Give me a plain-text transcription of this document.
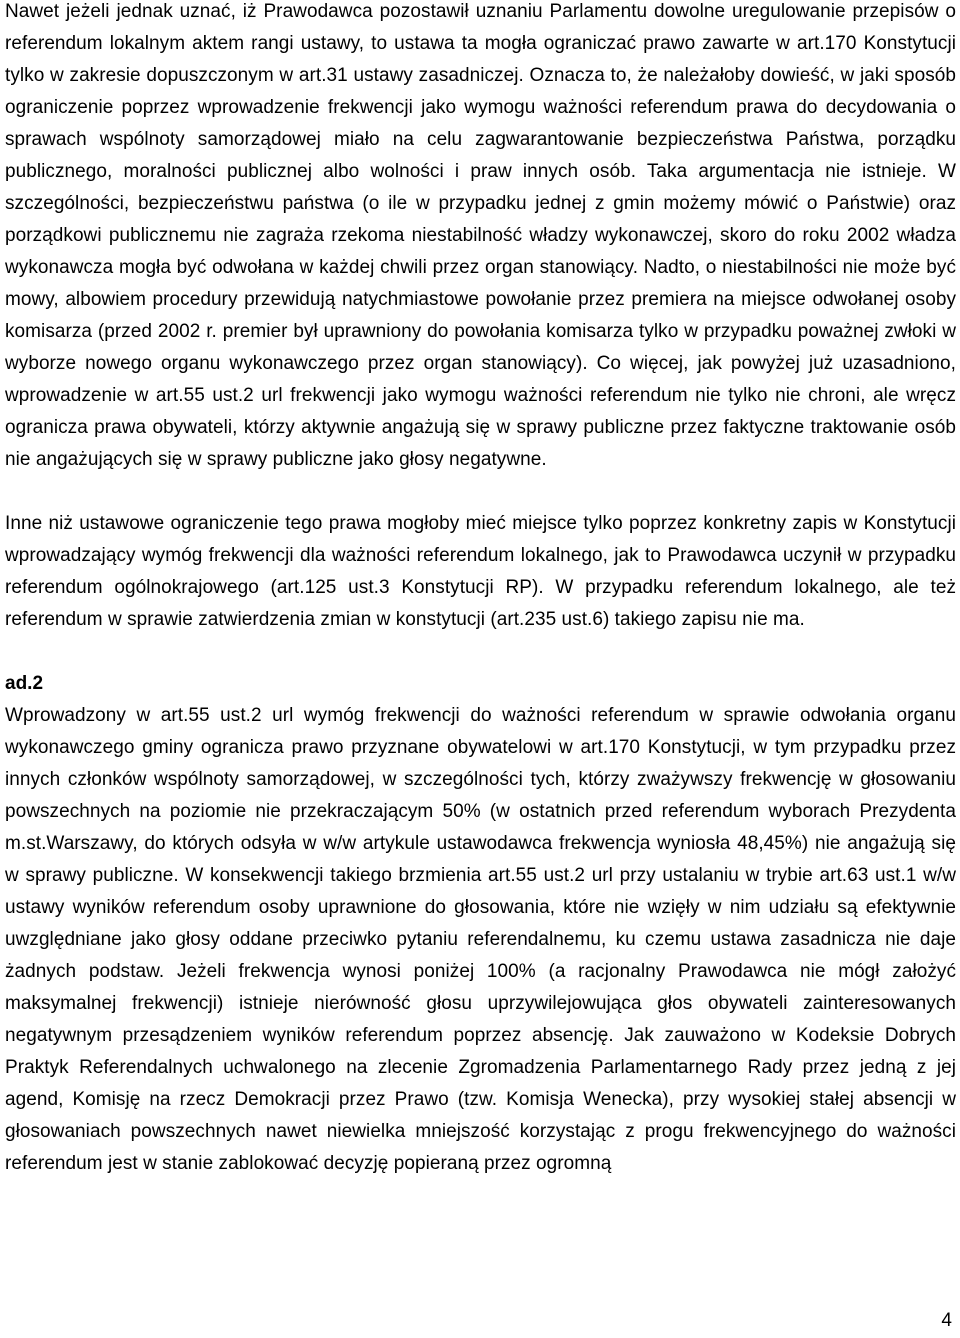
Nawet jeżeli jednak uznać, iż Prawodawca pozostawił uznaniu Parlamentu dowolne uregulowanie przepisów o referendum lokalnym aktem rangi ustawy, to ustawa ta mogła ograniczać prawo zawarte w art.170 Konstytucji tylko w zakresie dopuszczonym w art.31 ustawy zasadniczej. Oznacza to, że należałoby dowieść, w jaki sposób ograniczenie poprzez wprowadzenie frekwencji jako wymogu ważności referendum prawa do decydowania o sprawach wspólnoty samorządowej miało na celu zagwarantowanie bezpieczeństwa Państwa, porządku publicznego, moralności publicznej albo wolności i praw innych osób. Taka argumentacja nie istnieje. W szczególności, bezpieczeństwu państwa (o ile w przypadku jednej z gmin możemy mówić o Państwie) oraz porządkowi publicznemu nie zagraża rzekoma niestabilność władzy wykonawczej, skoro do roku 2002 władza wykonawcza mogła być odwołana w każdej chwili przez organ stanowiący. Nadto, o niestabilności nie może być mowy, albowiem procedury przewidują natychmiastowe powołanie przez premiera na miejsce odwołanej osoby komisarza (przed 2002 r. premier był uprawniony do powołania komisarza tylko w przypadku poważnej zwłoki w wyborze nowego organu wykonawczego przez organ stanowiący). Co więcej, jak powyżej już uzasadniono, wprowadzenie w art.55 ust.2 url frekwencji jako wymogu ważności referendum nie tylko nie chroni, ale wręcz ogranicza prawa obywateli, którzy aktywnie angażują się w sprawy publiczne przez faktyczne traktowanie osób nie angażujących się w sprawy publiczne jako głosy negatywne.

Inne niż ustawowe ograniczenie tego prawa mogłoby mieć miejsce tylko poprzez konkretny zapis w Konstytucji wprowadzający wymóg frekwencji dla ważności referendum lokalnego, jak to Prawodawca uczynił w przypadku referendum ogólnokrajowego (art.125 ust.3 Konstytucji RP). W przypadku referendum lokalnego, ale też referendum w sprawie zatwierdzenia zmian w konstytucji (art.235 ust.6) takiego zapisu nie ma.

ad.2

Wprowadzony w art.55 ust.2 url wymóg frekwencji do ważności referendum w sprawie odwołania organu wykonawczego gminy ogranicza prawo przyznane obywatelowi w art.170 Konstytucji, w tym przypadku przez innych członków wspólnoty samorządowej, w szczególności tych, którzy zważywszy frekwencję w głosowaniu powszechnych na poziomie nie przekraczającym 50% (w ostatnich przed referendum wyborach Prezydenta m.st.Warszawy, do których odsyła w w/w artykule ustawodawca frekwencja wyniosła 48,45%) nie angażują się w sprawy publiczne. W konsekwencji takiego brzmienia art.55 ust.2 url przy ustalaniu w trybie art.63 ust.1 w/w ustawy wyników referendum osoby uprawnione do głosowania, które nie wzięły w nim udziału są efektywnie uwzględniane jako głosy oddane przeciwko pytaniu referendalnemu, ku czemu ustawa zasadnicza nie daje żadnych podstaw. Jeżeli frekwencja wynosi poniżej 100% (a racjonalny Prawodawca nie mógł założyć maksymalnej frekwencji) istnieje nierówność głosu uprzywilejowująca głos obywateli zainteresowanych negatywnym przesądzeniem wyników referendum poprzez absencję. Jak zauważono w Kodeksie Dobrych Praktyk Referendalnych uchwalonego na zlecenie Zgromadzenia Parlamentarnego Rady przez jedną z jej agend, Komisję na rzecz Demokracji przez Prawo (tzw. Komisja Wenecka), przy wysokiej stałej absencji w głosowaniach powszechnych nawet niewielka mniejszość korzystając z progu frekwencyjnego do ważności referendum jest w stanie zablokować decyzję popieraną przez ogromną

4
